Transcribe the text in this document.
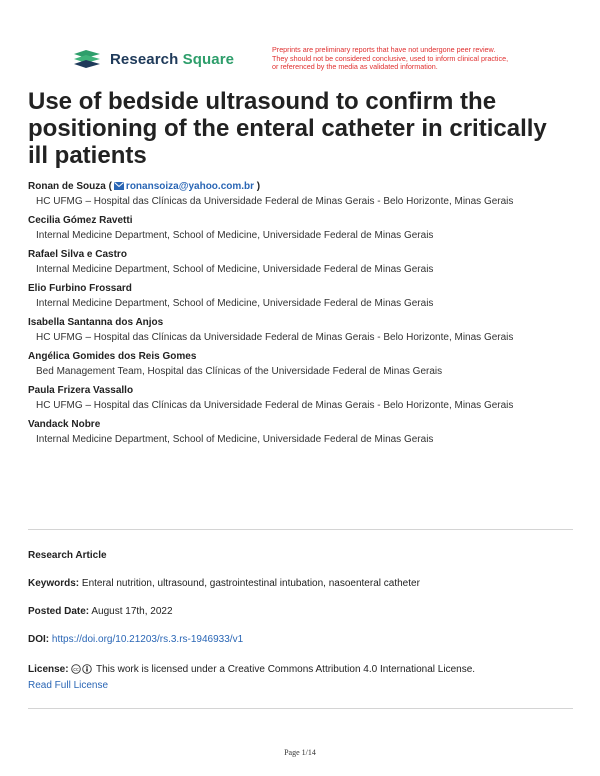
Research Square
Preprints are preliminary reports that have not undergone peer review.
They should not be considered conclusive, used to inform clinical practice,
or referenced by the media as validated information.
Use of bedside ultrasound to confirm the positioning of the enteral catheter in critically ill patients
Ronan de Souza ( ronansoiza@yahoo.com.br )
HC UFMG – Hospital das Clínicas da Universidade Federal de Minas Gerais - Belo Horizonte, Minas Gerais
Cecilia Gómez Ravetti
Internal Medicine Department, School of Medicine, Universidade Federal de Minas Gerais
Rafael Silva e Castro
Internal Medicine Department, School of Medicine, Universidade Federal de Minas Gerais
Elio Furbino Frossard
Internal Medicine Department, School of Medicine, Universidade Federal de Minas Gerais
Isabella Santanna dos Anjos
HC UFMG – Hospital das Clínicas da Universidade Federal de Minas Gerais - Belo Horizonte, Minas Gerais
Angélica Gomides dos Reis Gomes
Bed Management Team, Hospital das Clínicas of the Universidade Federal de Minas Gerais
Paula Frizera Vassallo
HC UFMG – Hospital das Clínicas da Universidade Federal de Minas Gerais - Belo Horizonte, Minas Gerais
Vandack Nobre
Internal Medicine Department, School of Medicine, Universidade Federal de Minas Gerais
Research Article
Keywords: Enteral nutrition, ultrasound, gastrointestinal intubation, nasoenteral catheter
Posted Date: August 17th, 2022
DOI: https://doi.org/10.21203/rs.3.rs-1946933/v1
License: cc This work is licensed under a Creative Commons Attribution 4.0 International License.
Read Full License
Page 1/14
